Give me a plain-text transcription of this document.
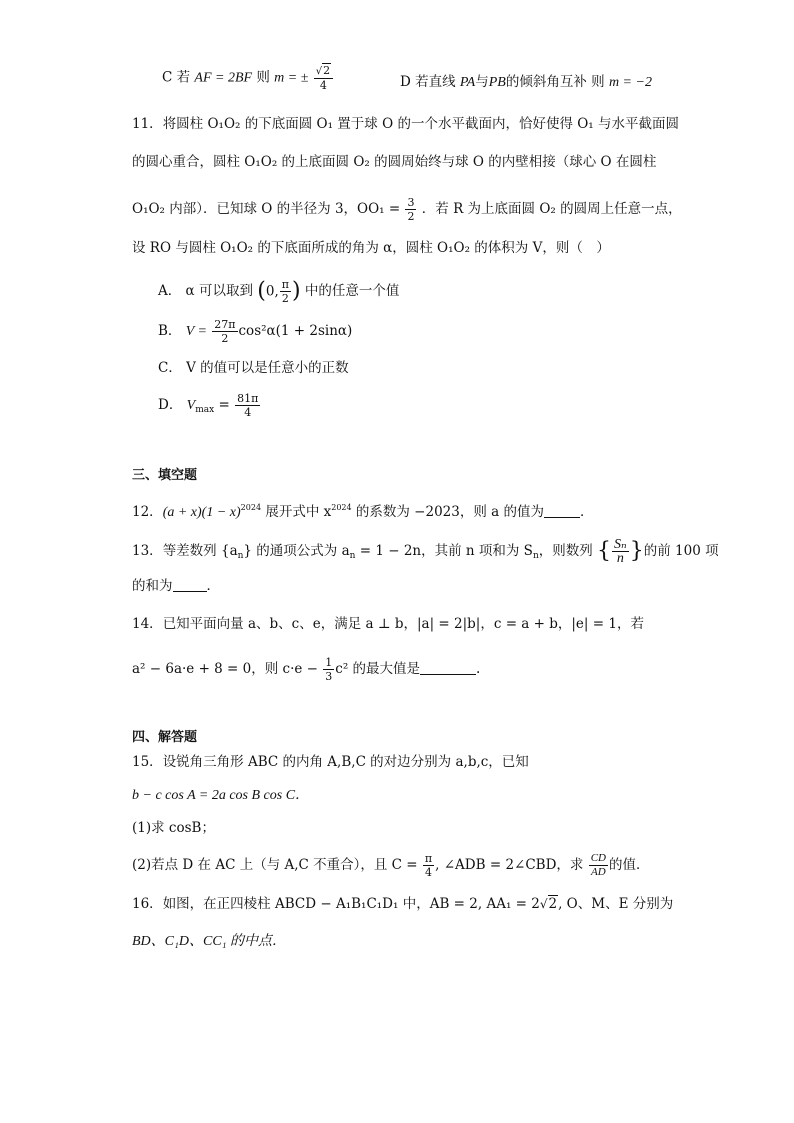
C 若 AF = 2BF 则 m = ± $\frac{√2}{4}$	D 若直线 PA与PB的倾斜角互补 则 m = −2
11．将圆柱 O₁O₂ 的下底面圆 O₁ 置于球 O 的一个水平截面内，恰好使得 O₁ 与水平截面圆
的圆心重合，圆柱 O₁O₂ 的上底面圆 O₂ 的圆周始终与球 O 的内壁相接（球心 O 在圆柱
O₁O₂ 内部）．已知球 O 的半径为 3，$OO_1 = \frac{3}{2}$ ．若 R 为上底面圆 O₂ 的圆周上任意一点，
设 RO 与圆柱 O₁O₂ 的下底面所成的角为 α，圆柱 O₁O₂ 的体积为 V，则（　）
A． α 可以取到 (0, $\frac{\pi}{2}$ ) 中的任意一个值
B． $V = \frac{27\pi}{2} \cos^2\alpha(1 + 2\sin\alpha)$
C． V 的值可以是任意小的正数
D． $V_{max} = \frac{81\pi}{4}$
三、填空题
12．$(a + x)(1 - x)^{2024}$ 展开式中 $x^{2024}$ 的系数为 −2023，则 a 的值为	．
13．等差数列 $\{a_n\}$ 的通项公式为 $a_n = 1 - 2n$，其前 n 项和为 $S_n$，则数列 { $\frac{\text{Sₙ}}{n}$ }的前 100 项
的和为	．
14．已知平面向量 a、b、c、e，满足 a ⊥ b，|a| = 2|b|，c = a + b，|e| = 1，若
a² − 6a·e + 8 = 0，则 $c\cdot e - \frac{1}{3} c^2$ 的最大值是	.
四、解答题
15．设锐角三角形 ABC 的内角 A,B,C 的对边分别为 a,b,c，已知
b − c cos A = 2a cos B cos C．
(1)求 cosB；
(2)若点 D 在 AC 上（与 A,C 不重合），且 $C = \frac{\pi}{4}$ , ∠ADB = 2∠CBD，求 $\frac{CD}{AD}$ 的值．
16．如图，在正四棱柱 ABCD − A₁B₁C₁D₁ 中，AB = 2, AA₁ = 2√2, O、M、E 分别为
BD、C₁D、CC₁ 的中点．
